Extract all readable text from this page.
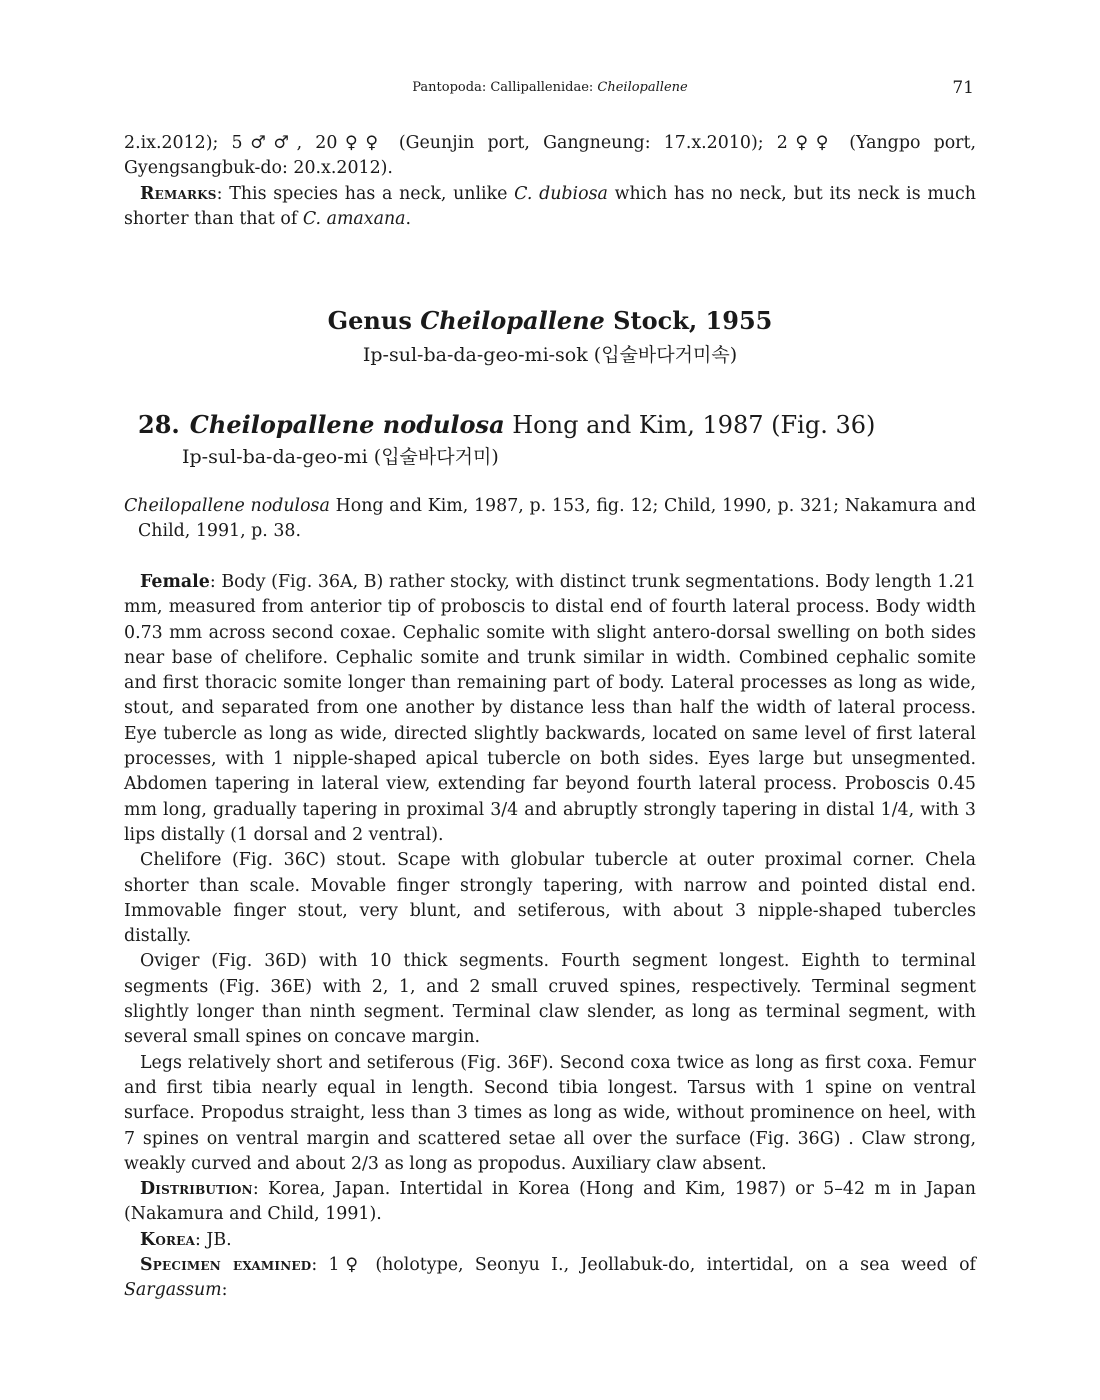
Pantopoda: Callipallenidae: Cheilopallene	71

2.ix.2012); 5♂♂, 20♀♀ (Geunjin port, Gangneung: 17.x.2010); 2♀♀ (Yangpo port, Gyengsangbuk-do: 20.x.2012).

Remarks: This species has a neck, unlike C. dubiosa which has no neck, but its neck is much shorter than that of C. amaxana.

Genus Cheilopallene Stock, 1955
Ip-sul-ba-da-geo-mi-sok (입술바다거미속)
28. Cheilopallene nodulosa Hong and Kim, 1987 (Fig. 36)
Ip-sul-ba-da-geo-mi (입술바다거미)

Cheilopallene nodulosa Hong and Kim, 1987, p. 153, fig. 12; Child, 1990, p. 321; Nakamura and Child, 1991, p. 38.

Female: Body (Fig. 36A, B) rather stocky, with distinct trunk segmentations. Body length 1.21 mm, measured from anterior tip of proboscis to distal end of fourth lateral process. Body width 0.73 mm across second coxae. Cephalic somite with slight antero-dorsal swelling on both sides near base of chelifore. Cephalic somite and trunk similar in width. Combined cephalic somite and first thoracic somite longer than remaining part of body. Lateral processes as long as wide, stout, and separated from one another by distance less than half the width of lateral process. Eye tubercle as long as wide, directed slightly backwards, located on same level of first lateral processes, with 1 nipple-shaped apical tubercle on both sides. Eyes large but unsegmented. Abdomen tapering in lateral view, extending far beyond fourth lateral process. Proboscis 0.45 mm long, gradually tapering in proximal 3/4 and abruptly strongly tapering in distal 1/4, with 3 lips distally (1 dorsal and 2 ventral).

Chelifore (Fig. 36C) stout. Scape with globular tubercle at outer proximal corner. Chela shorter than scale. Movable finger strongly tapering, with narrow and pointed distal end. Immovable finger stout, very blunt, and setiferous, with about 3 nipple-shaped tubercles distally.

Oviger (Fig. 36D) with 10 thick segments. Fourth segment longest. Eighth to terminal segments (Fig. 36E) with 2, 1, and 2 small cruved spines, respectively. Terminal segment slightly longer than ninth segment. Terminal claw slender, as long as terminal segment, with several small spines on concave margin.

Legs relatively short and setiferous (Fig. 36F). Second coxa twice as long as first coxa. Femur and first tibia nearly equal in length. Second tibia longest. Tarsus with 1 spine on ventral surface. Propodus straight, less than 3 times as long as wide, without prominence on heel, with 7 spines on ventral margin and scattered setae all over the surface (Fig. 36G) . Claw strong, weakly curved and about 2/3 as long as propodus. Auxiliary claw absent.

Distribution: Korea, Japan. Intertidal in Korea (Hong and Kim, 1987) or 5–42 m in Japan (Nakamura and Child, 1991).

Korea: JB.

Specimen examined: 1♀ (holotype, Seonyu I., Jeollabuk-do, intertidal, on a sea weed of Sargassum:
